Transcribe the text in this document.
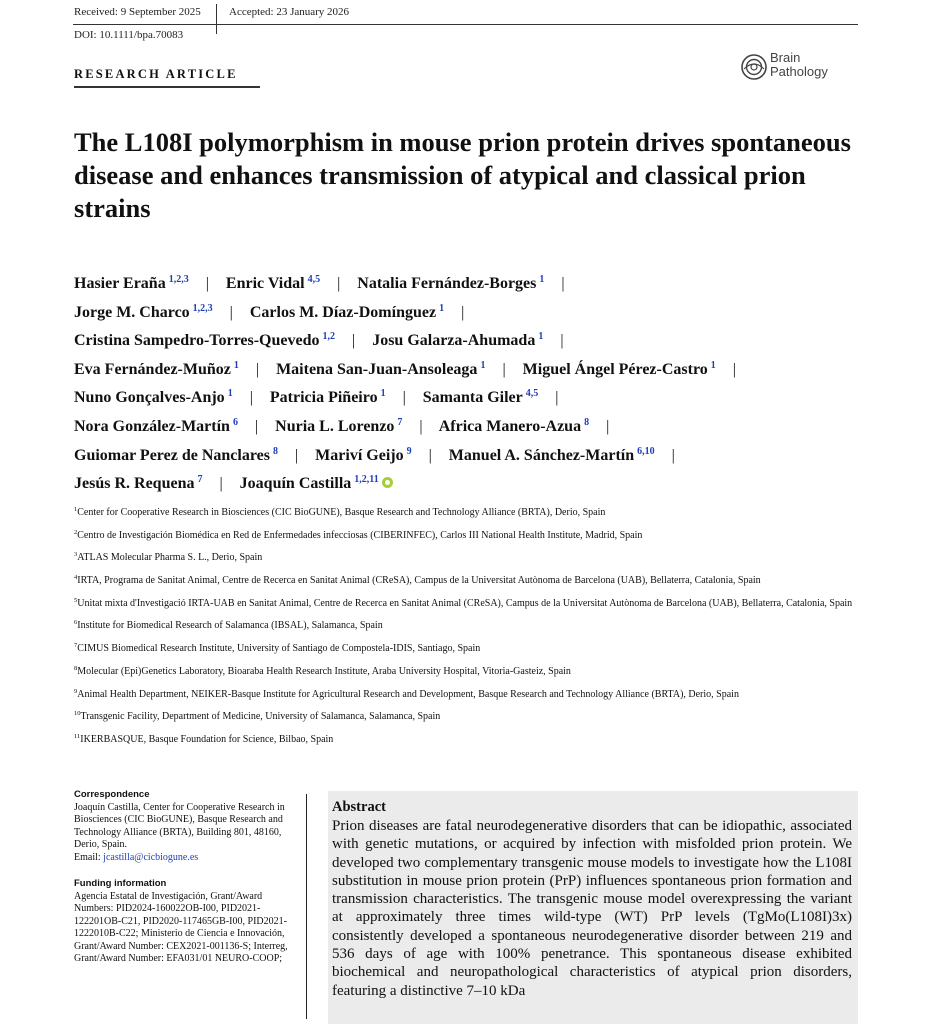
Received: 9 September 2025	Accepted: 23 January 2026
DOI: 10.1111/bpa.70083
RESEARCH ARTICLE
Brain
Pathology
The L108I polymorphism in mouse prion protein drives spontaneous disease and enhances transmission of atypical and classical prion strains
Hasier Eraña $^{1,2,3}$ | Enric Vidal $^{4,5}$ | Natalia Fernández-Borges $^1$ |
Jorge M. Charco $^{1,2,3}$ | Carlos M. Díaz-Domínguez $^1$ |
Cristina Sampedro-Torres-Quevedo $^{1,2}$ | Josu Galarza-Ahumada $^1$ |
Eva Fernández-Muñoz $^1$ | Maitena San-Juan-Ansoleaga $^1$ | Miguel Ángel Pérez-Castro $^1$ |
Nuno Gonçalves-Anjo $^1$ | Patricia Piñeiro $^1$ | Samanta Giler $^{4,5}$ |
Nora González-Martín $^6$ | Nuria L. Lorenzo $^7$ | Africa Manero-Azua $^8$ |
Guiomar Perez de Nanclares $^8$ | Mariví Geijo $^9$ | Manuel A. Sánchez-Martín $^{6,10}$ |
Jesús R. Requena $^7$ | Joaquín Castilla $^{1,2,11}$
$^1$Center for Cooperative Research in Biosciences (CIC BioGUNE), Basque Research and Technology Alliance (BRTA), Derio, Spain
$^2$Centro de Investigación Biomédica en Red de Enfermedades infecciosas (CIBERINFEC), Carlos III National Health Institute, Madrid, Spain
$^3$ATLAS Molecular Pharma S. L., Derio, Spain
$^4$IRTA, Programa de Sanitat Animal, Centre de Recerca en Sanitat Animal (CReSA), Campus de la Universitat Autònoma de Barcelona (UAB), Bellaterra, Catalonia, Spain
$^5$Unitat mixta d'Investigació IRTA-UAB en Sanitat Animal, Centre de Recerca en Sanitat Animal (CReSA), Campus de la Universitat Autònoma de Barcelona (UAB), Bellaterra, Catalonia, Spain
$^6$Institute for Biomedical Research of Salamanca (IBSAL), Salamanca, Spain
$^7$CIMUS Biomedical Research Institute, University of Santiago de Compostela-IDIS, Santiago, Spain
$^8$Molecular (Epi)Genetics Laboratory, Bioaraba Health Research Institute, Araba University Hospital, Vitoria-Gasteiz, Spain
$^9$Animal Health Department, NEIKER-Basque Institute for Agricultural Research and Development, Basque Research and Technology Alliance (BRTA), Derio, Spain
$^{10}$Transgenic Facility, Department of Medicine, University of Salamanca, Salamanca, Spain
$^{11}$IKERBASQUE, Basque Foundation for Science, Bilbao, Spain
Correspondence
Joaquín Castilla, Center for Cooperative Research in Biosciences (CIC BioGUNE), Basque Research and Technology Alliance (BRTA), Building 801, 48160, Derio, Spain.
Email: jcastilla@cicbiogune.es
Funding information
Agencia Estatal de Investigación, Grant/Award Numbers: PID2024-160022OB-I00, PID2021-122201OB-C21, PID2020-117465GB-I00, PID2021-1222010B-C22; Ministerio de Ciencia e Innovación, Grant/Award Number: CEX2021-001136-S; Interreg, Grant/Award Number: EFA031/01 NEURO-COOP;
Abstract
Prion diseases are fatal neurodegenerative disorders that can be idiopathic, associated with genetic mutations, or acquired by infection with misfolded prion protein. We developed two complementary transgenic mouse models to investigate how the L108I substitution in mouse prion protein (PrP) influences spontaneous prion formation and transmission characteristics. The transgenic mouse model overexpressing the variant at approximately three times wild-type (WT) PrP levels (TgMo(L108I)3x) consistently developed a spontaneous neurodegenerative disorder between 219 and 536 days of age with 100% penetrance. This spontaneous disease exhibited biochemical and neuropathological characteristics of atypical prion disorders, featuring a distinctive 7–10 kDa
